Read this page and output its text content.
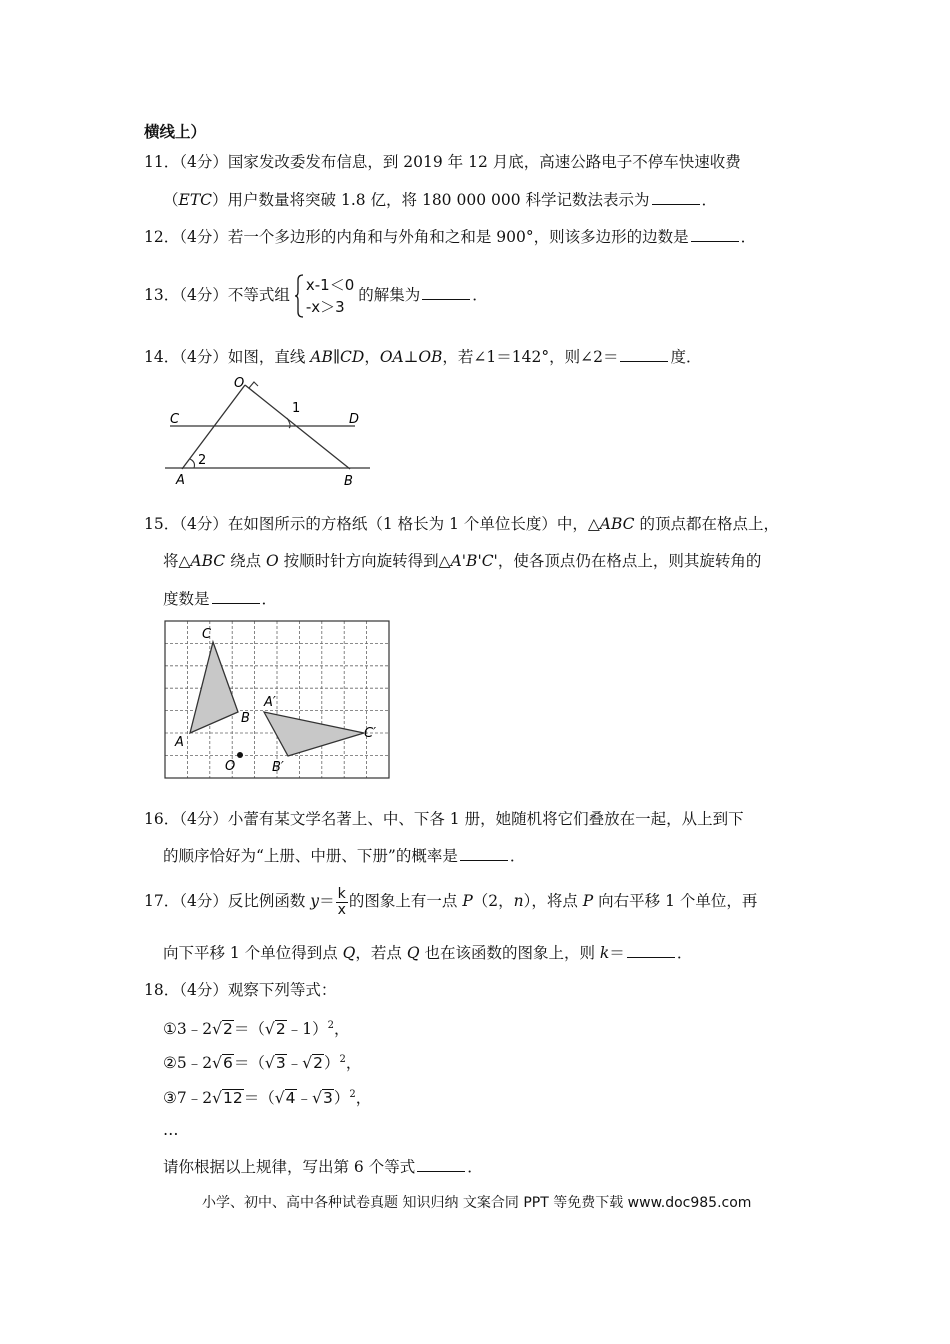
横线上）
11．（4分）国家发改委发布信息，到 2019 年 12 月底，高速公路电子不停车快速收费
（ETC）用户数量将突破 1.8 亿，将 180 000 000 科学记数法表示为	．
12．（4分）若一个多边形的内角和与外角和之和是 900°，则该多边形的边数是	．
13．（4分）不等式组
x-1＜0
-x＞3
的解集为	．
14．（4分）如图，直线 AB∥CD，OA⊥OB，若∠1＝142°，则∠2＝	度．
O
C	D
A	B
1
2
15．（4分）在如图所示的方格纸（1 格长为 1 个单位长度）中，△ABC 的顶点都在格点上，
将△ABC 绕点 O 按顺时针方向旋转得到△A'B'C'，使各顶点仍在格点上，则其旋转角的
度数是	．
C
A
B
O
A′
B′
C′
16．（4分）小蕾有某文学名著上、中、下各 1 册，她随机将它们叠放在一起，从上到下
的顺序恰好为“上册、中册、下册”的概率是	．
17．（4分）反比例函数 $y= \frac{k}{x}$ 的图象上有一点 P（2，n），将点 P 向右平移 1 个单位，再
向下平移 1 个单位得到点 Q，若点 Q 也在该函数的图象上，则 k＝	．
18．（4分）观察下列等式：
①3﹣2√2＝（√2﹣1）$^2$，
②5﹣2√6＝（√3﹣√2）$^2$，
③7﹣2√12＝（√4﹣√3）$^2$，
…
请你根据以上规律，写出第 6 个等式	．
小学、初中、高中各种试卷真题 知识归纳 文案合同 PPT 等免费下载 www.doc985.com
